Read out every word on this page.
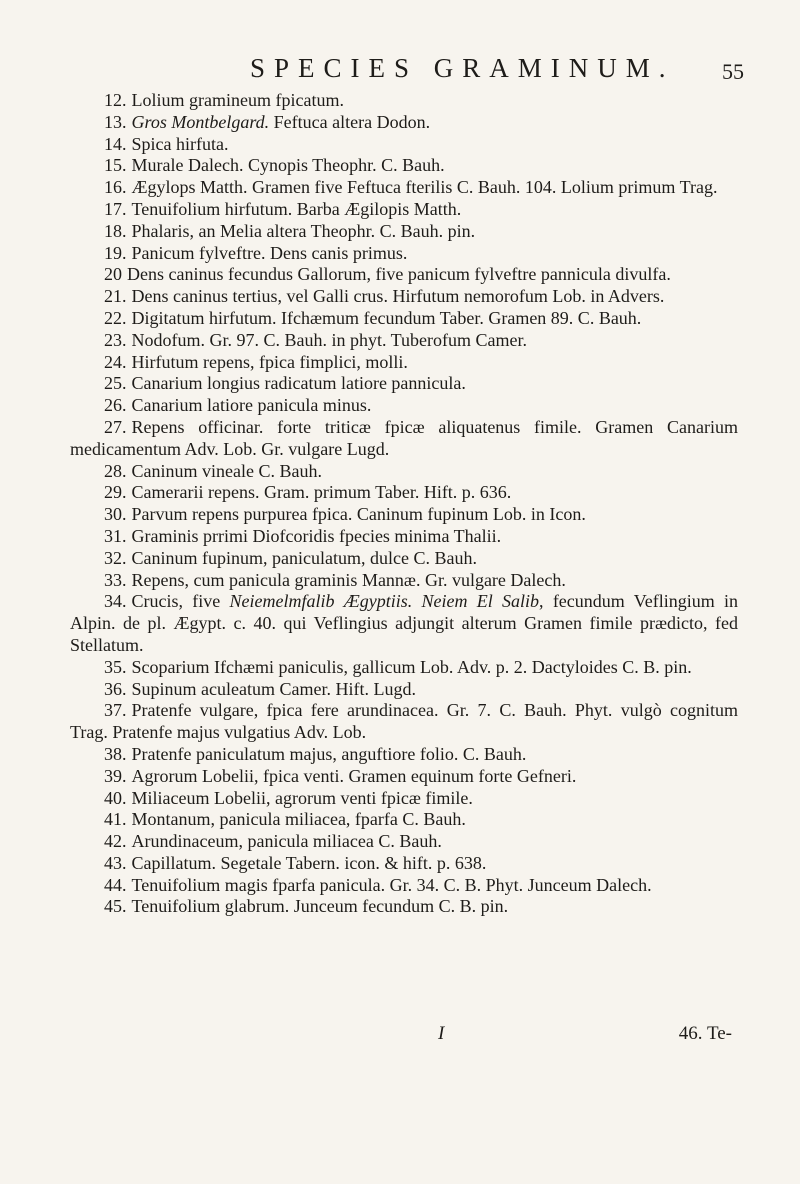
SPECIES GRAMINUM. 55

12. Lolium gramineum fpicatum.

13. Gros Montbelgard. Feftuca altera Dodon.

14. Spica hirfuta.

15. Murale Dalech. Cynopis Theophr. C. Bauh.

16. Ægylops Matth. Gramen five Feftuca fterilis C. Bauh. 104. Lolium primum Trag.

17. Tenuifolium hirfutum. Barba Ægilopis Matth.

18. Phalaris, an Melia altera Theophr. C. Bauh. pin.

19. Panicum fylveftre. Dens canis primus.

20 Dens caninus fecundus Gallorum, five panicum fylveftre pannicula divulfa.

21. Dens caninus tertius, vel Galli crus. Hirfutum nemorofum Lob. in Advers.

22. Digitatum hirfutum. Ifchæmum fecundum Taber. Gramen 89. C. Bauh.

23. Nodofum. Gr. 97. C. Bauh. in phyt. Tuberofum Camer.

24. Hirfutum repens, fpica fimplici, molli.

25. Canarium longius radicatum latiore pannicula.

26. Canarium latiore panicula minus.

27. Repens officinar. forte triticæ fpicæ aliquatenus fimile. Gramen Canarium medicamentum Adv. Lob. Gr. vulgare Lugd.

28. Caninum vineale C. Bauh.

29. Camerarii repens. Gram. primum Taber. Hift. p. 636.

30. Parvum repens purpurea fpica. Caninum fupinum Lob. in Icon.

31. Graminis prrimi Diofcoridis fpecies minima Thalii.

32. Caninum fupinum, paniculatum, dulce C. Bauh.

33. Repens, cum panicula graminis Mannæ. Gr. vulgare Dalech.

34. Crucis, five Neiemelmfalib Ægyptiis. Neiem El Salib, fecundum Veflingium in Alpin. de pl. Ægypt. c. 40. qui Veflingius adjungit alterum Gramen fimile prædicto, fed Stellatum.

35. Scoparium Ifchæmi paniculis, gallicum Lob. Adv. p. 2. Dactyloides C. B. pin.

36. Supinum aculeatum Camer. Hift. Lugd.

37. Pratenfe vulgare, fpica fere arundinacea. Gr. 7. C. Bauh. Phyt. vulgò cognitum Trag. Pratenfe majus vulgatius Adv. Lob.

38. Pratenfe paniculatum majus, anguftiore folio. C. Bauh.

39. Agrorum Lobelii, fpica venti. Gramen equinum forte Gefneri.

40. Miliaceum Lobelii, agrorum venti fpicæ fimile.

41. Montanum, panicula miliacea, fparfa C. Bauh.

42. Arundinaceum, panicula miliacea C. Bauh.

43. Capillatum. Segetale Tabern. icon. & hift. p. 638.

44. Tenuifolium magis fparfa panicula. Gr. 34. C. B. Phyt. Junceum Dalech.

45. Tenuifolium glabrum. Junceum fecundum C. B. pin.

I	46. Te-
